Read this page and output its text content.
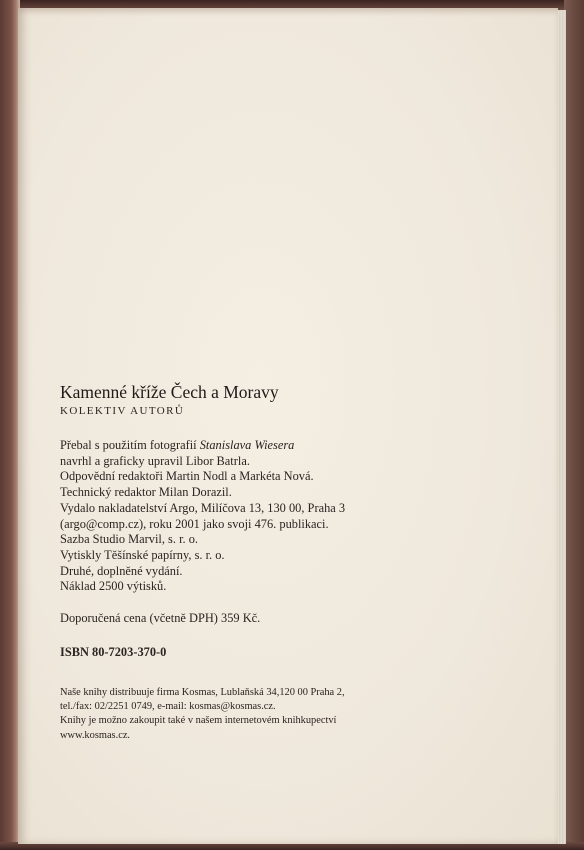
Kamenné kříže Čech a Moravy

KOLEKTIV AUTORŮ

Přebal s použitím fotografií Stanislava Wiesera
navrhl a graficky upravil Libor Batrla.
Odpovědní redaktoři Martin Nodl a Markéta Nová.
Technický redaktor Milan Dorazil.
Vydalo nakladatelství Argo, Milíčova 13, 130 00, Praha 3
(argo@comp.cz), roku 2001 jako svoji 476. publikaci.
Sazba Studio Marvil, s. r. o.
Vytiskly Těšínské papírny, s. r. o.
Druhé, doplněné vydání.
Náklad 2500 výtisků.
Doporučená cena (včetně DPH) 359 Kč.
ISBN 80-7203-370-0
Naše knihy distribuuje firma Kosmas, Lublaňská 34,120 00 Praha 2,
tel./fax: 02/2251 0749, e-mail: kosmas@kosmas.cz.
Knihy je možno zakoupit také v našem internetovém knihkupectví
www.kosmas.cz.
